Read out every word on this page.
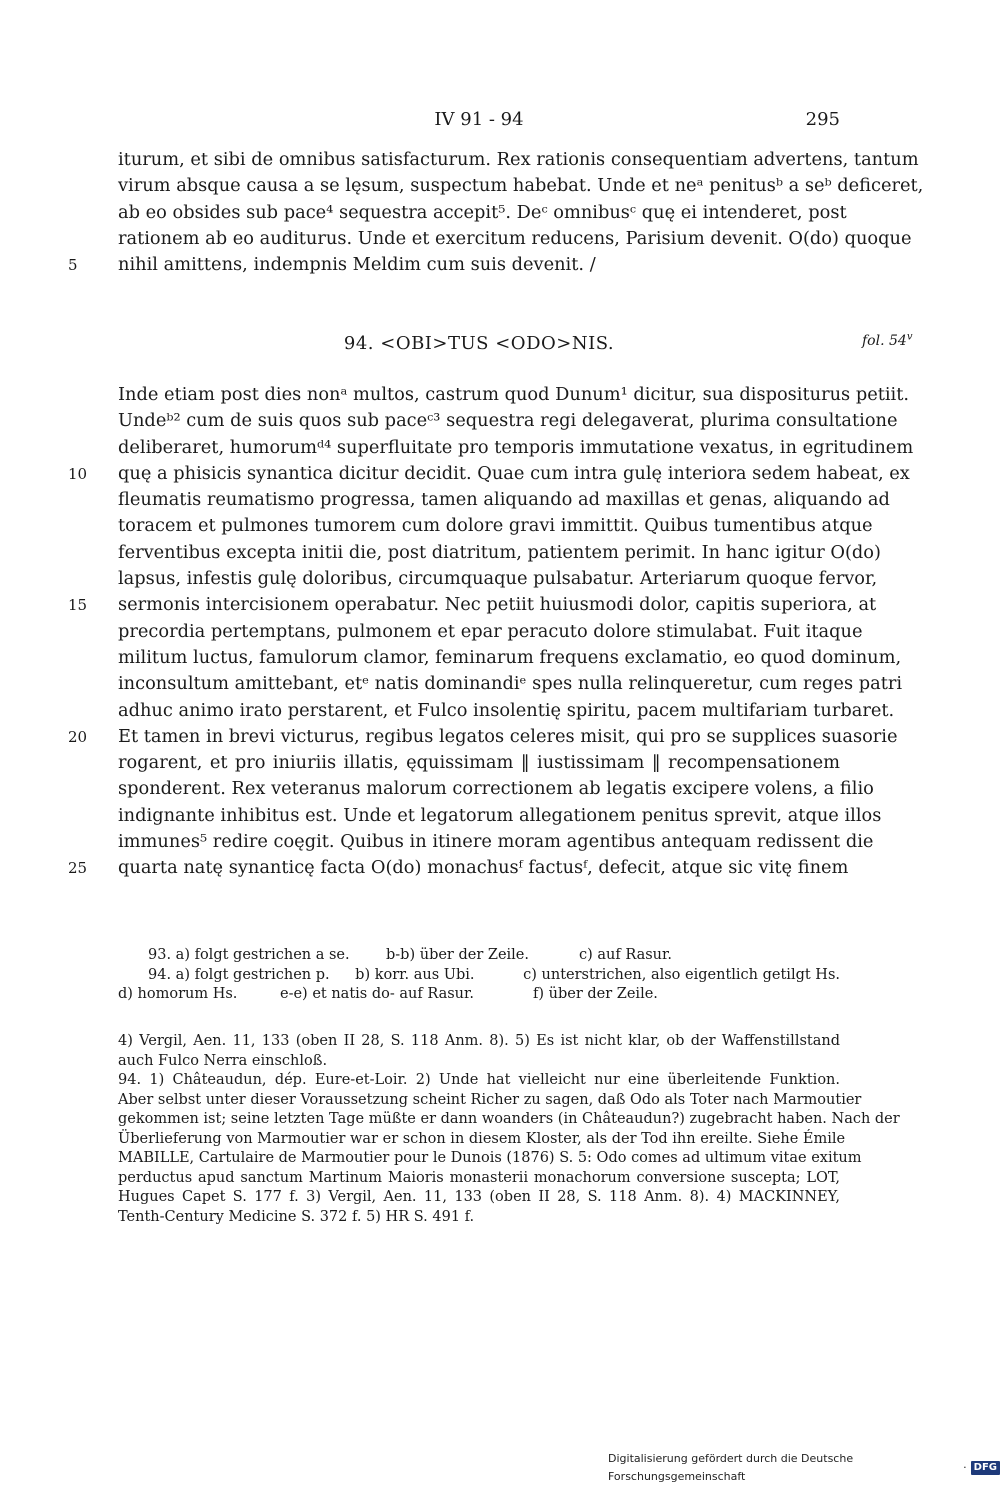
IV 91 - 94	295
iturum, et sibi de omnibus satisfacturum. Rex rationis consequentiam advertens, tantum
virum absque causa a se lęsum, suspectum habebat. Unde et neᵃ penitusᵇ a seᵇ deficeret,
ab eo obsides sub pace⁴ sequestra accepit⁵. Deᶜ omnibusᶜ quę ei intenderet, post
rationem ab eo auditurus. Unde et exercitum reducens, Parisium devenit. O(do) quoque
nihil amittens, indempnis Meldim cum suis devenit. /
5
94. <OBI>TUS <ODO>NIS.	fol. 54$^v$
Inde etiam post dies nonᵃ multos, castrum quod Dunum¹ dicitur, sua dispositurus petiit.
Undeᵇ² cum de suis quos sub paceᶜ³ sequestra regi delegaverat, plurima consultatione
deliberaret, humorumᵈ⁴ superfluitate pro temporis immutatione vexatus, in egritudinem
quę a phisicis synantica dicitur decidit. Quae cum intra gulę interiora sedem habeat, ex
fleumatis reumatismo progressa, tamen aliquando ad maxillas et genas, aliquando ad
toracem et pulmones tumorem cum dolore gravi immittit. Quibus tumentibus atque
ferventibus excepta initii die, post diatritum, patientem perimit. In hanc igitur O(do)
lapsus, infestis gulę doloribus, circumquaque pulsabatur. Arteriarum quoque fervor,
sermonis intercisionem operabatur. Nec petiit huiusmodi dolor, capitis superiora, at
precordia pertemptans, pulmonem et epar peracuto dolore stimulabat. Fuit itaque
militum luctus, famulorum clamor, feminarum frequens exclamatio, eo quod dominum,
inconsultum amittebant, etᵉ natis dominandiᵉ spes nulla relinqueretur, cum reges patri
adhuc animo irato perstarent, et Fulco insolentię spiritu, pacem multifariam turbaret.
Et tamen in brevi victurus, regibus legatos celeres misit, qui pro se supplices suasorie
rogarent, et pro iniuriis illatis, ęquissimam ‖ iustissimam ‖ recompensationem
sponderent. Rex veteranus malorum correctionem ab legatis excipere volens, a filio
indignante inhibitus est. Unde et legatorum allegationem penitus sprevit, atque illos
immunes⁵ redire coęgit. Quibus in itinere moram agentibus antequam redissent die
quarta natę synanticę facta O(do) monachusᶠ factusᶠ, defecit, atque sic vitę finem
10
15
20
25
93. a) folgt gestrichen a se.	b-b) über der Zeile.	c) auf Rasur.
94. a) folgt gestrichen p.	b) korr. aus Ubi.	c) unterstrichen, also eigentlich getilgt Hs.
d) homorum Hs.	e-e) et natis do- auf Rasur.	f) über der Zeile.
4) Vergil, Aen. 11, 133 (oben II 28, S. 118 Anm. 8). 5) Es ist nicht klar, ob der Waffenstillstand
auch Fulco Nerra einschloß.
94. 1) Châteaudun, dép. Eure-et-Loir. 2) Unde hat vielleicht nur eine überleitende Funktion.
Aber selbst unter dieser Voraussetzung scheint Richer zu sagen, daß Odo als Toter nach Marmoutier
gekommen ist; seine letzten Tage müßte er dann woanders (in Châteaudun?) zugebracht haben. Nach der
Überlieferung von Marmoutier war er schon in diesem Kloster, als der Tod ihn ereilte. Siehe Émile
MABILLE, Cartulaire de Marmoutier pour le Dunois (1876) S. 5: Odo comes ad ultimum vitae exitum
perductus apud sanctum Martinum Maioris monasterii monachorum conversione suscepta; LOT,
Hugues Capet S. 177 f. 3) Vergil, Aen. 11, 133 (oben II 28, S. 118 Anm. 8). 4) MACKINNEY,
Tenth-Century Medicine S. 372 f. 5) HR S. 491 f.
Digitalisierung gefördert durch die Deutsche Forschungsgemeinschaft
· DFG
